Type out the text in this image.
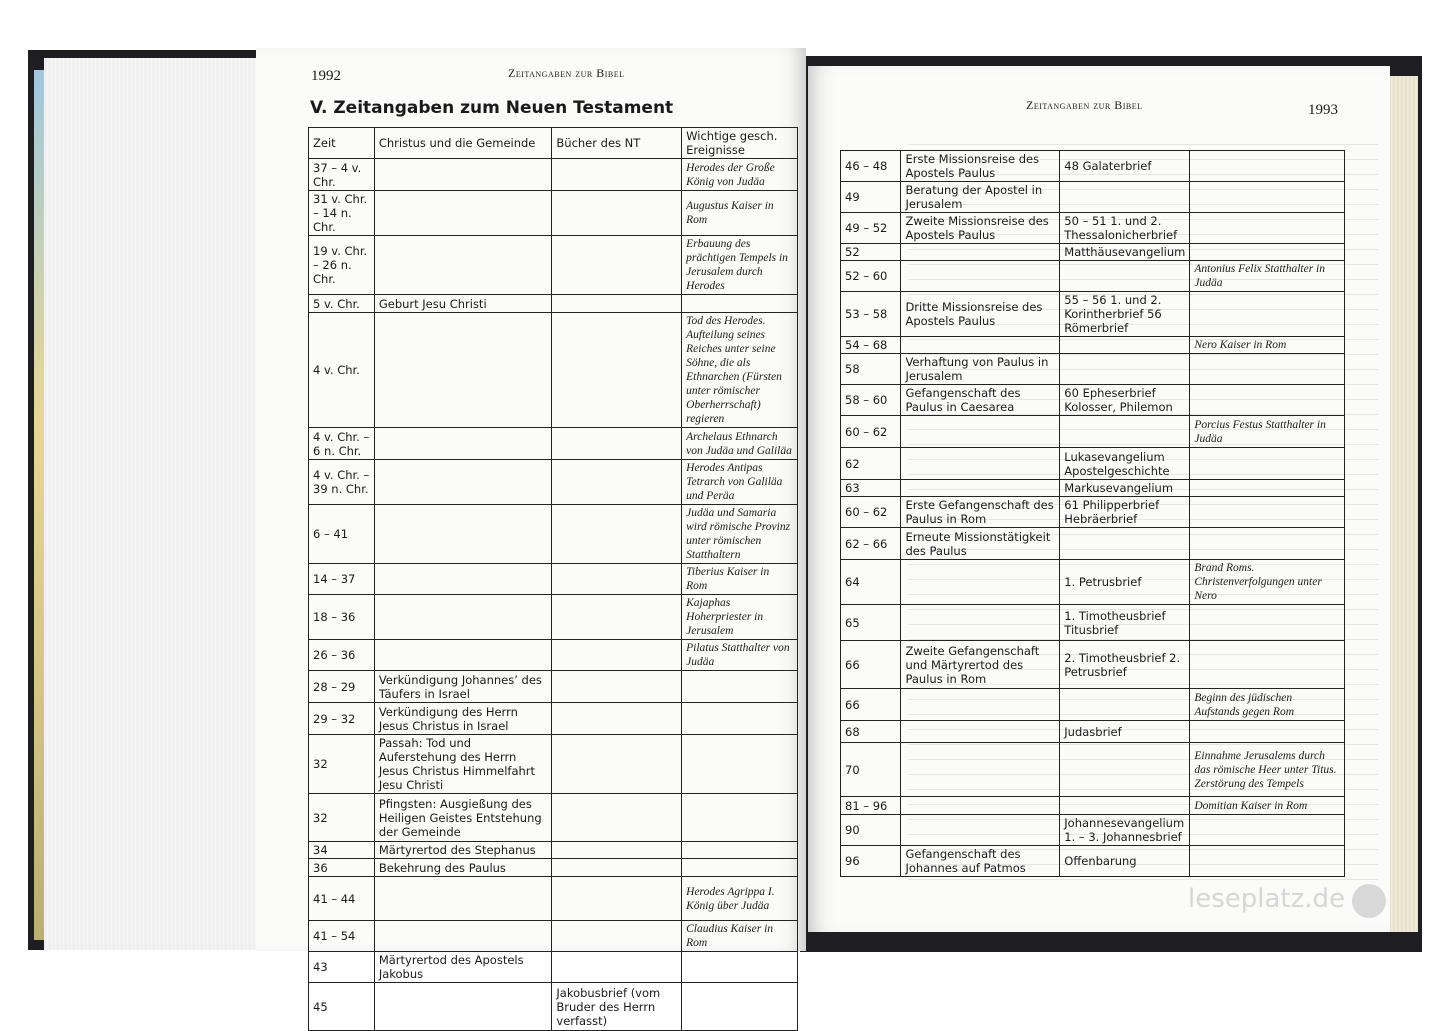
1992	Zeitangaben zur Bibel
V. Zeitangaben zum Neuen Testament
Zeit	Christus und die Gemeinde	Bücher des NT	Wichtige gesch. Ereignisse
37 – 4 v. Chr.			Herodes der Große König von Judäa
31 v. Chr. – 14 n. Chr.			Augustus Kaiser in Rom
19 v. Chr. – 26 n. Chr.			Erbauung des prächtigen Tempels in Jerusalem durch Herodes
5 v. Chr.	Geburt Jesu Christi		
4 v. Chr.			Tod des Herodes. Aufteilung seines Reiches unter seine Söhne, die als Ethnarchen (Fürsten unter römischer Oberherrschaft) regieren
4 v. Chr. – 6 n. Chr.			Archelaus Ethnarch von Judäa und Galiläa
4 v. Chr. – 39 n. Chr.			Herodes Antipas Tetrarch von Galiläa und Peräa
6 – 41			Judäa und Samaria wird römische Provinz unter römischen Statthaltern
14 – 37			Tiberius Kaiser in Rom
18 – 36			Kajaphas Hoherpriester in Jerusalem
26 – 36			Pilatus Statthalter von Judäa
28 – 29	Verkündigung Johannes’ des Täufers in Israel		
29 – 32	Verkündigung des Herrn Jesus Christus in Israel		
32	Passah: Tod und Auferstehung des Herrn Jesus Christus Himmelfahrt Jesu Christi		
32	Pfingsten: Ausgießung des Heiligen Geistes Entstehung der Gemeinde		
34	Märtyrertod des Stephanus		
36	Bekehrung des Paulus		
41 – 44			Herodes Agrippa I. König über Judäa
41 – 54			Claudius Kaiser in Rom
43	Märtyrertod des Apostels Jakobus		
45		Jakobusbrief (vom Bruder des Herrn verfasst)	
Zeitangaben zur Bibel	1993
46 – 48	Erste Missionsreise des Apostels Paulus	48 Galaterbrief	
49	Beratung der Apostel in Jerusalem		
49 – 52	Zweite Missionsreise des Apostels Paulus	50 – 51 1. und 2. Thessalonicherbrief	
52		Matthäusevangelium	
52 – 60			Antonius Felix Statthalter in Judäa
53 – 58	Dritte Missionsreise des Apostels Paulus	55 – 56 1. und 2. Korintherbrief 56 Römerbrief	
54 – 68			Nero Kaiser in Rom
58	Verhaftung von Paulus in Jerusalem		
58 – 60	Gefangenschaft des Paulus in Caesarea	60 Epheserbrief Kolosser, Philemon	
60 – 62			Porcius Festus Statthalter in Judäa
62		Lukasevangelium Apostelgeschichte	
63		Markusevangelium	
60 – 62	Erste Gefangenschaft des Paulus in Rom	61 Philipperbrief Hebräerbrief	
62 – 66	Erneute Missionstätigkeit des Paulus		
64		1. Petrusbrief	Brand Roms. Christenverfolgungen unter Nero
65		1. Timotheusbrief Titusbrief	
66	Zweite Gefangenschaft und Märtyrertod des Paulus in Rom	2. Timotheusbrief 2. Petrusbrief	
66			Beginn des jüdischen Aufstands gegen Rom
68		Judasbrief	
70			Einnahme Jerusalems durch das römische Heer unter Titus. Zerstörung des Tempels
81 – 96			Domitian Kaiser in Rom
90		Johannesevangelium 1. – 3. Johannesbrief	
96	Gefangenschaft des Johannes auf Patmos	Offenbarung	
leseplatz.de
